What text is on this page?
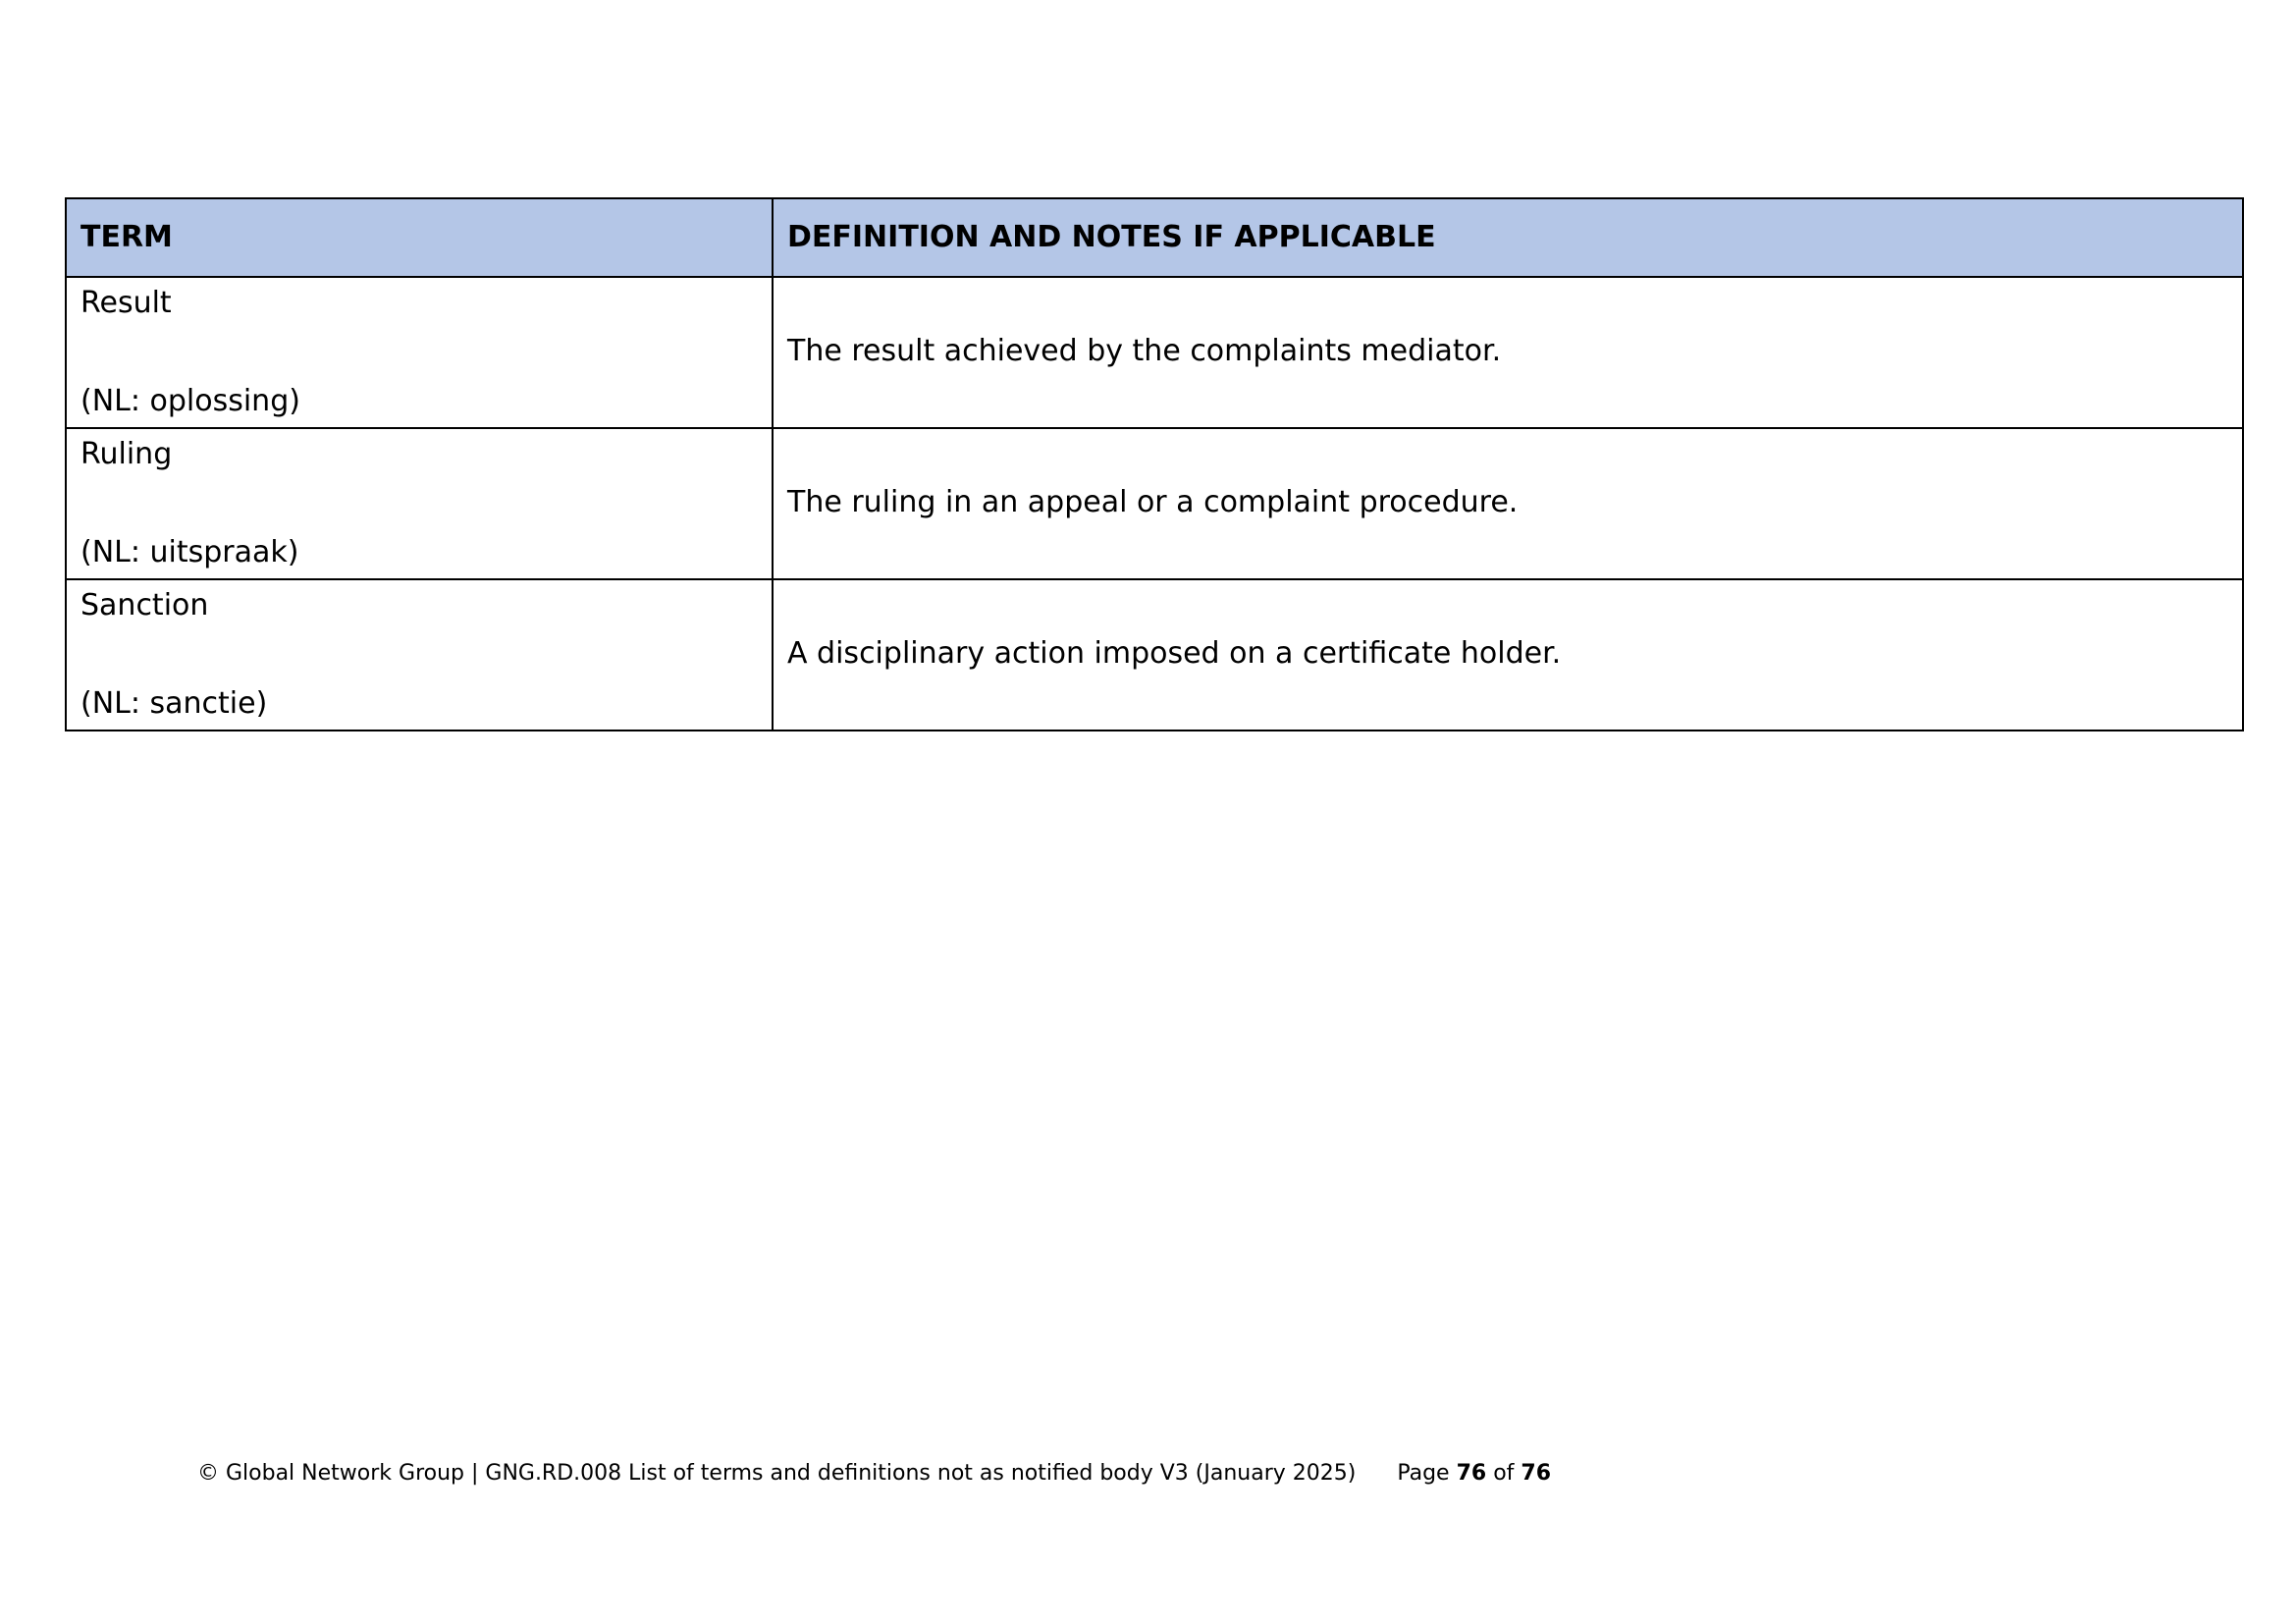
TERM	DEFINITION AND NOTES IF APPLICABLE

Result
(NL: oplossing)	The result achieved by the complaints mediator.

Ruling
(NL: uitspraak)	The ruling in an appeal or a complaint procedure.

Sanction
(NL: sanctie)	A disciplinary action imposed on a certificate holder.
© Global Network Group | GNG.RD.008 List of terms and definitions not as notified body V3 (January 2025) Page 76 of 76
